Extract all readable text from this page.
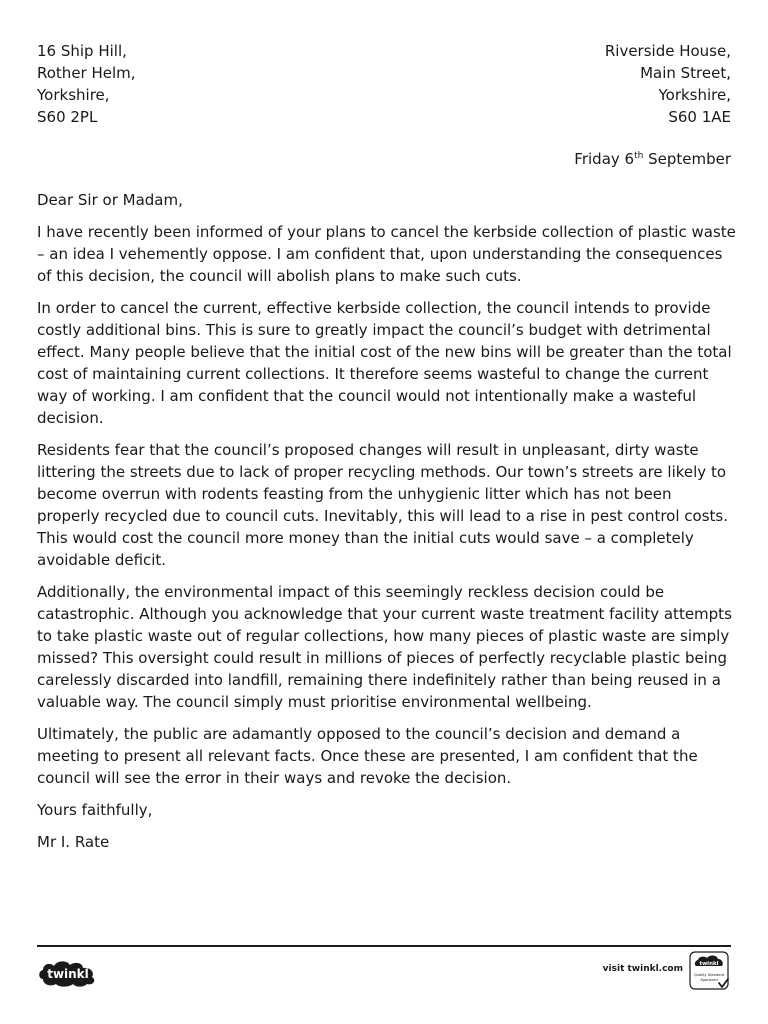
16 Ship Hill,
Rother Helm,
Yorkshire,
S60 2PL
Riverside House,
Main Street,
Yorkshire,
S60 1AE
Friday 6th September

Dear Sir or Madam,

I have recently been informed of your plans to cancel the kerbside collection of plastic waste – an idea I vehemently oppose. I am confident that, upon understanding the consequences of this decision, the council will abolish plans to make such cuts.

In order to cancel the current, effective kerbside collection, the council intends to provide costly additional bins. This is sure to greatly impact the council’s budget with detrimental effect. Many people believe that the initial cost of the new bins will be greater than the total cost of maintaining current collections. It therefore seems wasteful to change the current way of working. I am confident that the council would not intentionally make a wasteful decision.

Residents fear that the council’s proposed changes will result in unpleasant, dirty waste littering the streets due to lack of proper recycling methods. Our town’s streets are likely to become overrun with rodents feasting from the unhygienic litter which has not been properly recycled due to council cuts. Inevitably, this will lead to a rise in pest control costs. This would cost the council more money than the initial cuts would save – a completely avoidable deficit.

Additionally, the environmental impact of this seemingly reckless decision could be catastrophic. Although you acknowledge that your current waste treatment facility attempts to take plastic waste out of regular collections, how many pieces of plastic waste are simply missed? This oversight could result in millions of pieces of perfectly recyclable plastic being carelessly discarded into landfill, remaining there indefinitely rather than being reused in a valuable way. The council simply must prioritise environmental wellbeing.

Ultimately, the public are adamantly opposed to the council’s decision and demand a meeting to present all relevant facts. Once these are presented, I am confident that the council will see the error in their ways and revoke the decision.

Yours faithfully,

Mr I. Rate

twinkl	visit twinkl.com	twinkl
Quality Standard
Approved
